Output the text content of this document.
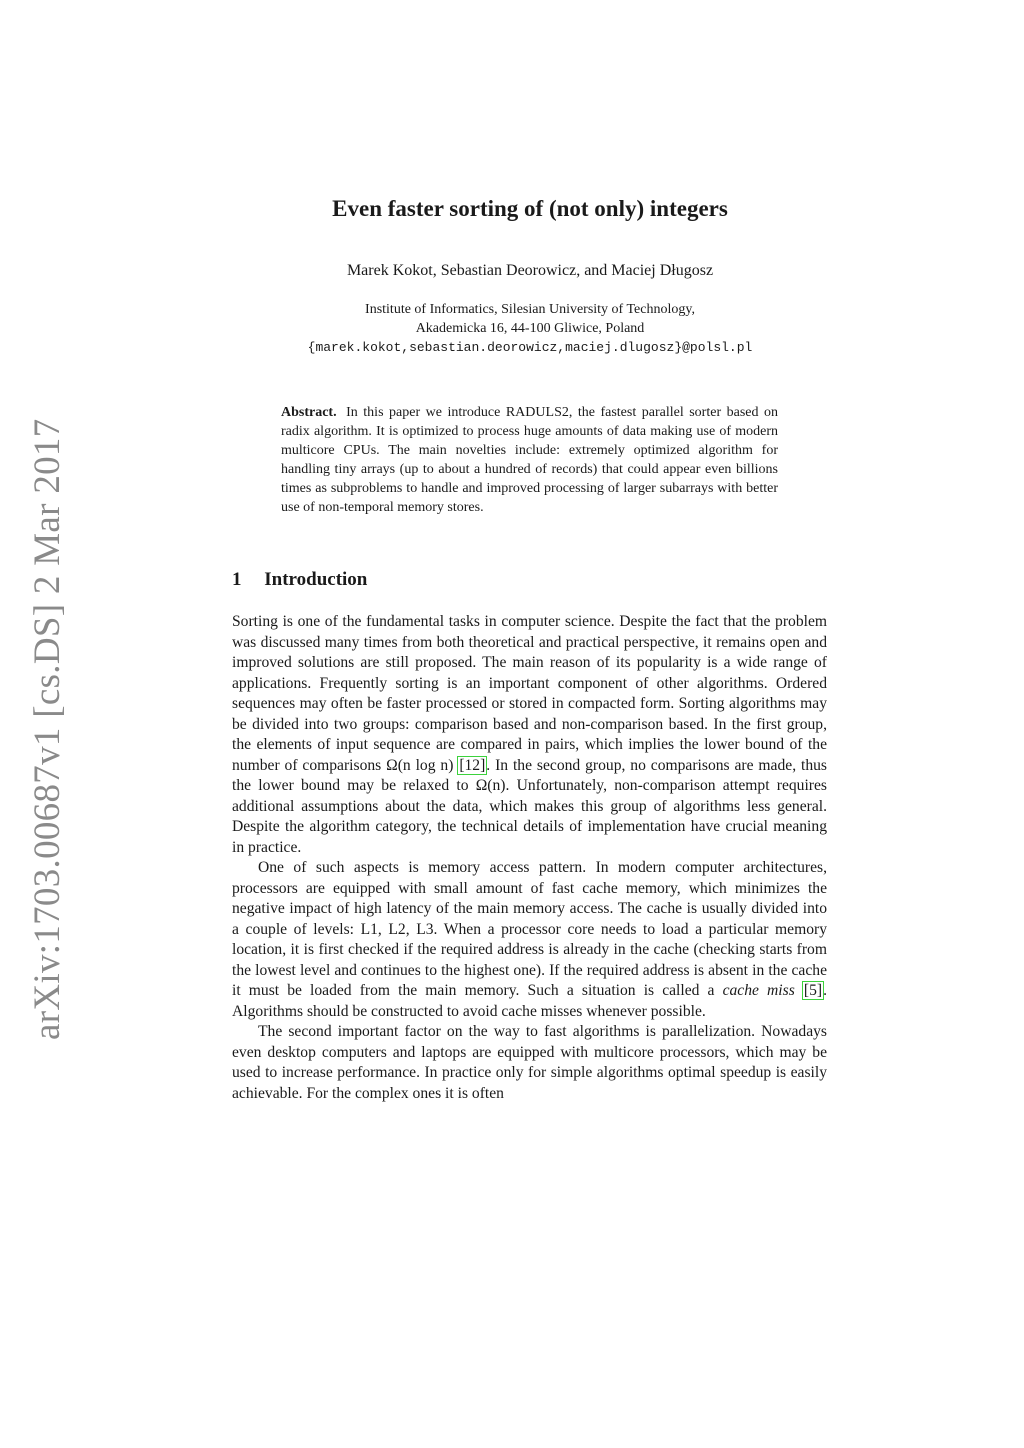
arXiv:1703.00687v1 [cs.DS] 2 Mar 2017
Even faster sorting of (not only) integers
Marek Kokot, Sebastian Deorowicz, and Maciej Długosz
Institute of Informatics, Silesian University of Technology,
Akademicka 16, 44-100 Gliwice, Poland
{marek.kokot,sebastian.deorowicz,maciej.dlugosz}@polsl.pl
Abstract. In this paper we introduce RADULS2, the fastest parallel sorter based on radix algorithm. It is optimized to process huge amounts of data making use of modern multicore CPUs. The main novelties include: extremely optimized algorithm for handling tiny arrays (up to about a hundred of records) that could appear even billions times as subproblems to handle and improved processing of larger subarrays with better use of non-temporal memory stores.
1 Introduction

Sorting is one of the fundamental tasks in computer science. Despite the fact that the problem was discussed many times from both theoretical and practical perspective, it remains open and improved solutions are still proposed. The main reason of its popularity is a wide range of applications. Frequently sorting is an important component of other algorithms. Ordered sequences may often be faster processed or stored in compacted form. Sorting algorithms may be divided into two groups: comparison based and non-comparison based. In the first group, the elements of input sequence are compared in pairs, which implies the lower bound of the number of comparisons Ω(n log n) [12]. In the second group, no comparisons are made, thus the lower bound may be relaxed to Ω(n). Unfortunately, non-comparison attempt requires additional assumptions about the data, which makes this group of algorithms less general. Despite the algorithm category, the technical details of implementation have crucial meaning in practice.

One of such aspects is memory access pattern. In modern computer architectures, processors are equipped with small amount of fast cache memory, which minimizes the negative impact of high latency of the main memory access. The cache is usually divided into a couple of levels: L1, L2, L3. When a processor core needs to load a particular memory location, it is first checked if the required address is already in the cache (checking starts from the lowest level and continues to the highest one). If the required address is absent in the cache it must be loaded from the main memory. Such a situation is called a cache miss [5]. Algorithms should be constructed to avoid cache misses whenever possible.

The second important factor on the way to fast algorithms is parallelization. Nowadays even desktop computers and laptops are equipped with multicore processors, which may be used to increase performance. In practice only for simple algorithms optimal speedup is easily achievable. For the complex ones it is often
